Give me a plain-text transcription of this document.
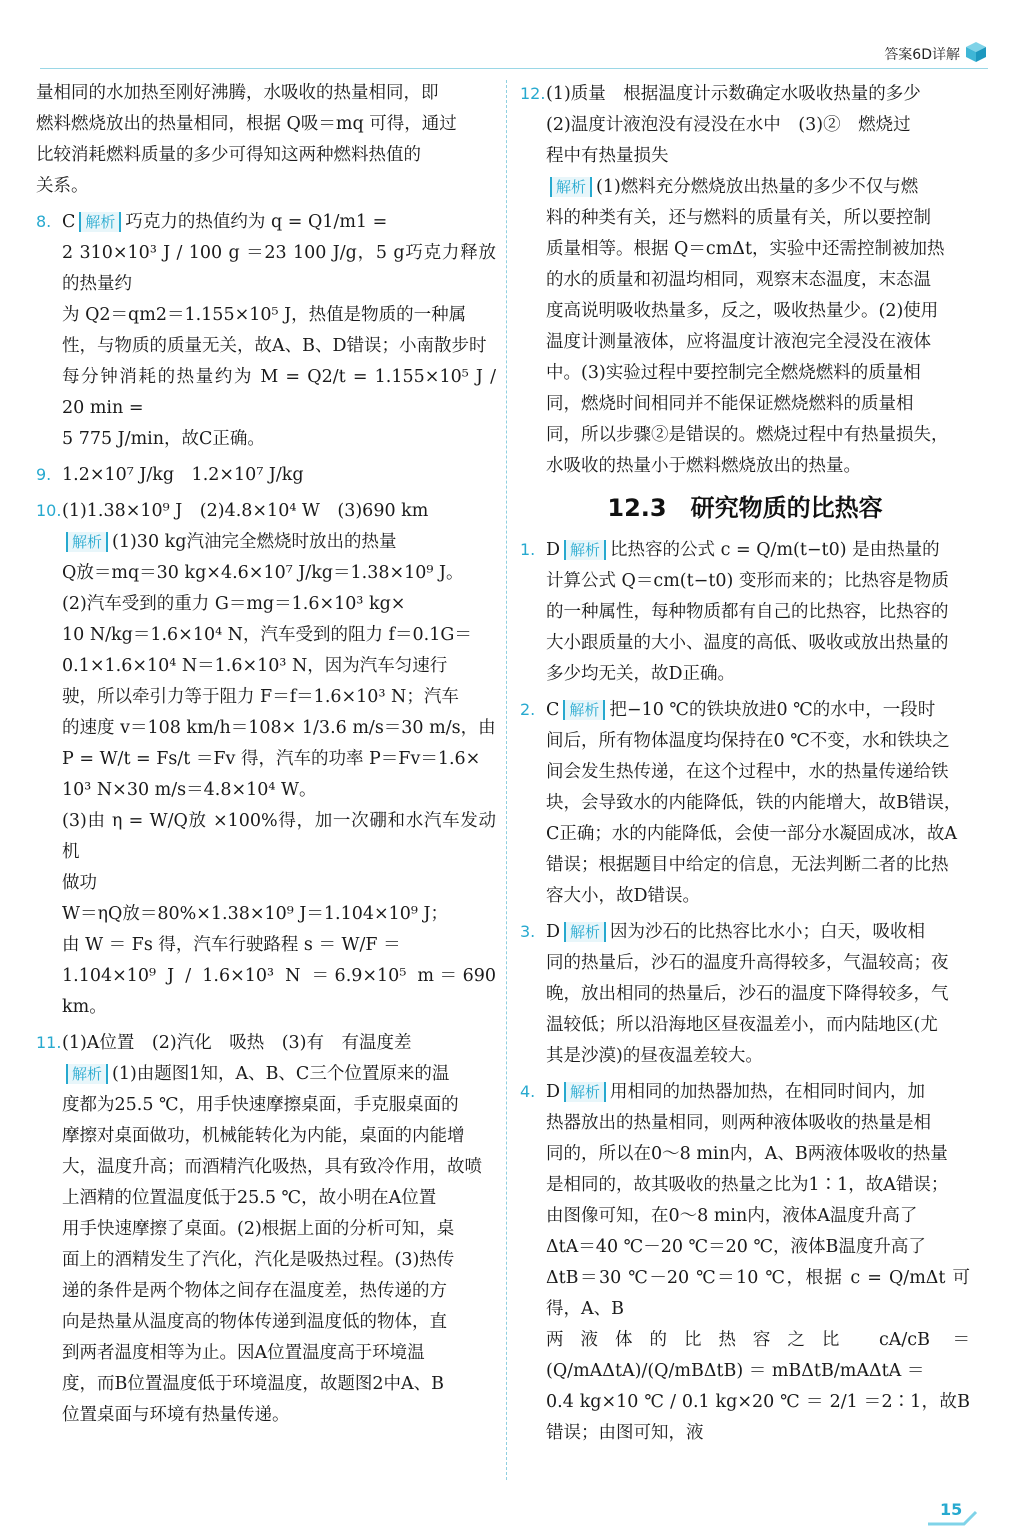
答案6D详解

量相同的水加热至刚好沸腾，水吸收的热量相同，即

燃料燃烧放出的热量相同，根据 Q吸＝mq 可得，通过

比较消耗燃料质量的多少可得知这两种燃料热值的

关系。

8. C 解析 巧克力的热值约为 q = Q1/m1 =

2 310×10³ J / 100 g ＝23 100 J/g，5 g巧克力释放的热量约

为 Q2＝qm2＝1.155×10⁵ J，热值是物质的一种属

性，与物质的质量无关，故A、B、D错误；小南散步时

每分钟消耗的热量约为 M = Q2/t = 1.155×10⁵ J / 20 min =

5 775 J/min，故C正确。

9. 1.2×10⁷ J/kg　1.2×10⁷ J/kg

10.(1)1.38×10⁹ J　(2)4.8×10⁴ W　(3)690 km

解析 (1)30 kg汽油完全燃烧时放出的热量

Q放＝mq＝30 kg×4.6×10⁷ J/kg＝1.38×10⁹ J。

(2)汽车受到的重力 G＝mg＝1.6×10³ kg×

10 N/kg＝1.6×10⁴ N，汽车受到的阻力 f＝0.1G＝

0.1×1.6×10⁴ N＝1.6×10³ N，因为汽车匀速行

驶，所以牵引力等于阻力 F＝f＝1.6×10³ N；汽车

的速度 v＝108 km/h＝108× 1/3.6 m/s＝30 m/s，由

P = W/t = Fs/t ＝Fv 得，汽车的功率 P＝Fv＝1.6×

10³ N×30 m/s＝4.8×10⁴ W。

(3)由 η = W/Q放 ×100%得，加一次硼和水汽车发动机

做功

W＝ηQ放＝80%×1.38×10⁹ J＝1.104×10⁹ J；

由 W ＝ Fs 得，汽车行驶路程 s ＝ W/F ＝

1.104×10⁹ J / 1.6×10³ N ＝6.9×10⁵ m＝690 km。

11.(1)A位置　(2)汽化　吸热　(3)有　有温度差

解析 (1)由题图1知，A、B、C三个位置原来的温

度都为25.5 ℃，用手快速摩擦桌面，手克服桌面的

摩擦对桌面做功，机械能转化为内能，桌面的内能增

大，温度升高；而酒精汽化吸热，具有致冷作用，故喷

上酒精的位置温度低于25.5 ℃，故小明在A位置

用手快速摩擦了桌面。(2)根据上面的分析可知，桌

面上的酒精发生了汽化，汽化是吸热过程。(3)热传

递的条件是两个物体之间存在温度差，热传递的方

向是热量从温度高的物体传递到温度低的物体，直

到两者温度相等为止。因A位置温度高于环境温

度，而B位置温度低于环境温度，故题图2中A、B

位置桌面与环境有热量传递。

12.(1)质量　根据温度计示数确定水吸收热量的多少

(2)温度计液泡没有浸没在水中　(3)②　燃烧过

程中有热量损失

解析 (1)燃料充分燃烧放出热量的多少不仅与燃

料的种类有关，还与燃料的质量有关，所以要控制

质量相等。根据 Q＝cmΔt，实验中还需控制被加热

的水的质量和初温均相同，观察末态温度，末态温

度高说明吸收热量多，反之，吸收热量少。(2)使用

温度计测量液体，应将温度计液泡完全浸没在液体

中。(3)实验过程中要控制完全燃烧燃料的质量相

同，燃烧时间相同并不能保证燃烧燃料的质量相

同，所以步骤②是错误的。燃烧过程中有热量损失，

水吸收的热量小于燃料燃烧放出的热量。

12.3　研究物质的比热容

1. D 解析 比热容的公式 c = Q/m(t−t0) 是由热量的

计算公式 Q＝cm(t−t0) 变形而来的；比热容是物质

的一种属性，每种物质都有自己的比热容，比热容的

大小跟质量的大小、温度的高低、吸收或放出热量的

多少均无关，故D正确。

2. C 解析 把−10 ℃的铁块放进0 ℃的水中，一段时

间后，所有物体温度均保持在0 ℃不变，水和铁块之

间会发生热传递，在这个过程中，水的热量传递给铁

块，会导致水的内能降低，铁的内能增大，故B错误，

C正确；水的内能降低，会使一部分水凝固成冰，故A

错误；根据题目中给定的信息，无法判断二者的比热

容大小，故D错误。

3. D 解析 因为沙石的比热容比水小；白天，吸收相

同的热量后，沙石的温度升高得较多，气温较高；夜

晚，放出相同的热量后，沙石的温度下降得较多，气

温较低；所以沿海地区昼夜温差小，而内陆地区(尤

其是沙漠)的昼夜温差较大。

4. D 解析 用相同的加热器加热，在相同时间内，加

热器放出的热量相同，则两种液体吸收的热量是相

同的，所以在0～8 min内，A、B两液体吸收的热量

是相同的，故其吸收的热量之比为1∶1，故A错误；

由图像可知，在0～8 min内，液体A温度升高了

ΔtA＝40 ℃－20 ℃＝20 ℃，液体B温度升高了

ΔtB＝30 ℃－20 ℃＝10 ℃，根据 c = Q/mΔt 可得，A、B

两液体的比热容之比 cA/cB ＝ (Q/mAΔtA)/(Q/mBΔtB) ＝ mBΔtB/mAΔtA ＝

0.4 kg×10 ℃ / 0.1 kg×20 ℃ ＝ 2/1 ＝2∶1，故B错误；由图可知，液

15
